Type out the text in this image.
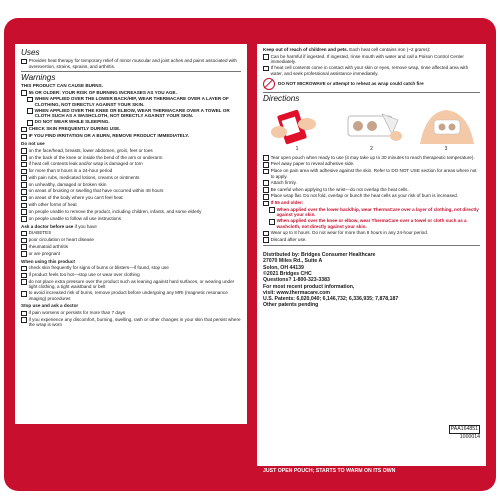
Uses
Provides heat therapy for temporary relief of minor muscular and joint aches and pains associated with overexertion, strains, sprains, and arthritis.
Warnings

THIS PRODUCT CAN CAUSE BURNS.

55 OR OLDER: YOUR RISK OF BURNING INCREASES AS YOU AGE.
WHEN APPLIED OVER THE LOWER BACK/HIP, WEAR THERMACARE OVER A LAYER OF CLOTHING, NOT DIRECTLY AGAINST YOUR SKIN.
WHEN APPLIED OVER THE KNEE OR ELBOW, WEAR THERMACARE OVER A TOWEL OR CLOTH SUCH AS A WASHCLOTH, NOT DIRECTLY AGAINST YOUR SKIN.
DO NOT WEAR WHILE SLEEPING.
CHECK SKIN FREQUENTLY DURING USE.
IF YOU FIND IRRITATION OR A BURN, REMOVE PRODUCT IMMEDIATELY.

Do not use

on the face/head, breasts, lower abdomen, groin, feet or toes
on the back of the knee or inside the bend of the arm or underarm
if heat cell contents leak and/or wrap is damaged or torn
for more than 8 hours in a 24-hour period
with pain rubs, medicated lotions, creams or ointments
on unhealthy, damaged or broken skin
on areas of bruising or swelling that have occurred within 48 hours
on areas of the body where you can't feel heat
with other forms of heat
on people unable to remove the product, including children, infants, and some elderly
on people unable to follow all use instructions

Ask a doctor before use if you have

DIABETES
poor circulation or heart disease
rheumatoid arthritis
or are pregnant

When using this product

check skin frequently for signs of burns or blisters—if found, stop use
if product feels too hot—stop use or wear over clothing
do not place extra pressure over the product such as leaning against hard surfaces, or wearing under tight clothing, a tight waistband or belt
to avoid increased risk of burns, remove product before undergoing any MRI (magnetic resonance imaging) procedures

Stop use and ask a doctor

if pain worsens or persists for more than 7 days
if you experience any discomfort, burning, swelling, rash or other changes in your skin that persist where the wrap is worn

Keep out of reach of children and pets. Each heat cell contains iron (~2 grams):

Can be harmful if ingested. If ingested, rinse mouth with water and call a Poison Control Center immediately.
If heat cell contents come in contact with your skin or eyes, remove wrap, rinse affected area with water, and seek professional assistance immediately.
DO NOT MICROWAVE or attempt to reheat as wrap could catch fire
Directions
1	2	3
Tear open pouch when ready to use (it may take up to 30 minutes to reach therapeutic temperature).
Peel away paper to reveal adhesive side.
Place on pain area with adhesive against the skin. Refer to DO NOT USE section for areas where not to apply.
Attach firmly.
Be careful when applying to the wrist—do not overlap the heat cells.
Place wrap flat. Do not fold, overlap or bunch the heat cells as your risk of burn is increased.
If 55 and older:
When applied over the lower back/hip, wear ThermaCare over a layer of clothing, not directly against your skin.
When applied over the knee or elbow, wear ThermaCare over a towel or cloth such as a washcloth, not directly against your skin.
Wear up to 8 hours. Do not wear for more than 8 hours in any 24-hour period.
Discard after use.
Distributed by: Bridges Consumer Healthcare
27070 Miles Rd., Suite A
Solon, OH 44139
©2021 Bridges CHC
Questions? 1-800-323-3383
For most recent product information,
visit: www.thermacare.com
U.S. Patents: 6,020,040; 6,146,732; 6,336,935; 7,878,187
Other patents pending
PAA164851
1000014
JUST OPEN POUCH; STARTS TO WARM ON ITS OWN
